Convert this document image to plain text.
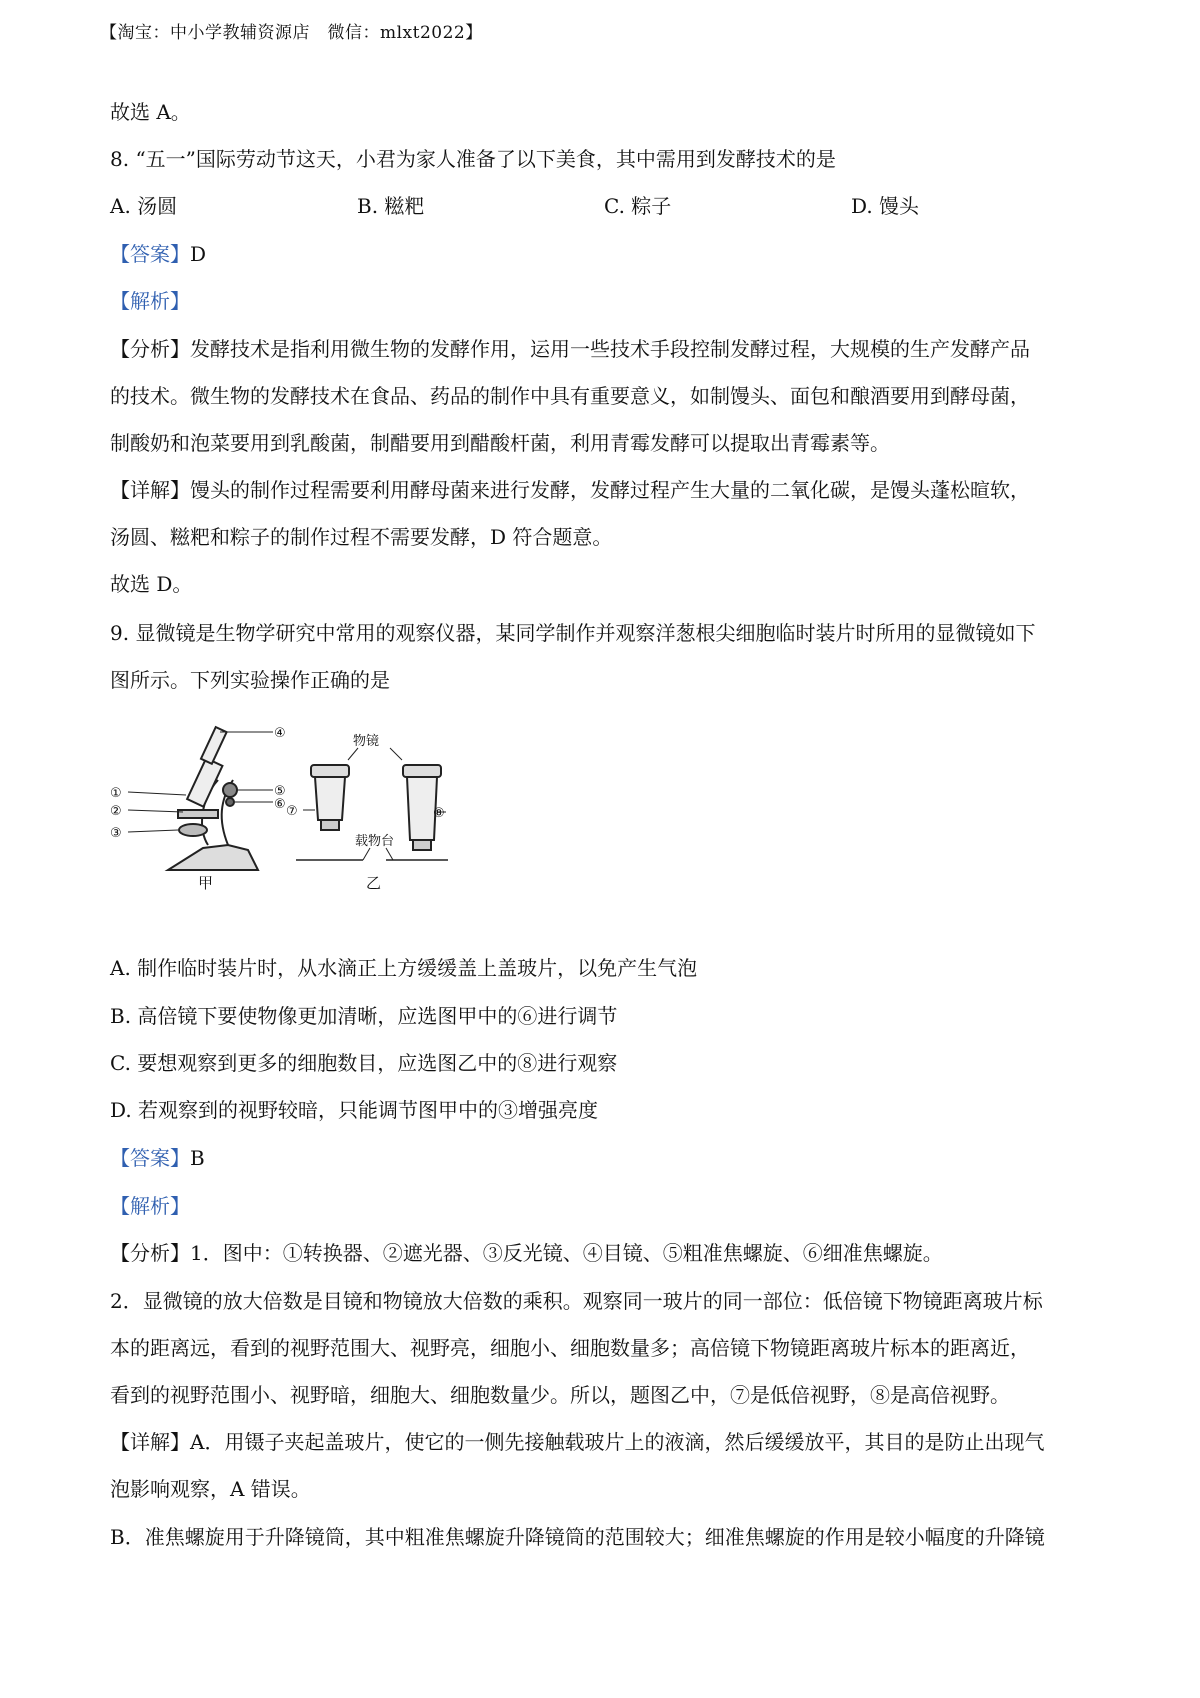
【淘宝：中小学教辅资源店　微信：mlxt2022】
故选 A。
8. “五一”国际劳动节这天，小君为家人准备了以下美食，其中需用到发酵技术的是
A. 汤圆	B. 糍粑	C. 粽子	D. 馒头
【答案】D
【解析】
【分析】发酵技术是指利用微生物的发酵作用，运用一些技术手段控制发酵过程，大规模的生产发酵产品
的技术。微生物的发酵技术在食品、药品的制作中具有重要意义，如制馒头、面包和酿酒要用到酵母菌，
制酸奶和泡菜要用到乳酸菌，制醋要用到醋酸杆菌，利用青霉发酵可以提取出青霉素等。
【详解】馒头的制作过程需要利用酵母菌来进行发酵，发酵过程产生大量的二氧化碳，是馒头蓬松暄软，
汤圆、糍粑和粽子的制作过程不需要发酵，D 符合题意。
故选 D。
9. 显微镜是生物学研究中常用的观察仪器，某同学制作并观察洋葱根尖细胞临时装片时所用的显微镜如下
图所示。下列实验操作正确的是
①
②
③
④
⑤
⑥ ⑦	⑧
物镜
载物台
甲	乙
A. 制作临时装片时，从水滴正上方缓缓盖上盖玻片，以免产生气泡
B. 高倍镜下要使物像更加清晰，应选图甲中的⑥进行调节
C. 要想观察到更多的细胞数目，应选图乙中的⑧进行观察
D. 若观察到的视野较暗，只能调节图甲中的③增强亮度
【答案】B
【解析】
【分析】1．图中：①转换器、②遮光器、③反光镜、④目镜、⑤粗准焦螺旋、⑥细准焦螺旋。
2．显微镜的放大倍数是目镜和物镜放大倍数的乘积。观察同一玻片的同一部位：低倍镜下物镜距离玻片标
本的距离远，看到的视野范围大、视野亮，细胞小、细胞数量多；高倍镜下物镜距离玻片标本的距离近，
看到的视野范围小、视野暗，细胞大、细胞数量少。所以，题图乙中，⑦是低倍视野，⑧是高倍视野。
【详解】A．用镊子夹起盖玻片，使它的一侧先接触载玻片上的液滴，然后缓缓放平，其目的是防止出现气
泡影响观察，A 错误。
B．准焦螺旋用于升降镜筒，其中粗准焦螺旋升降镜筒的范围较大；细准焦螺旋的作用是较小幅度的升降镜
